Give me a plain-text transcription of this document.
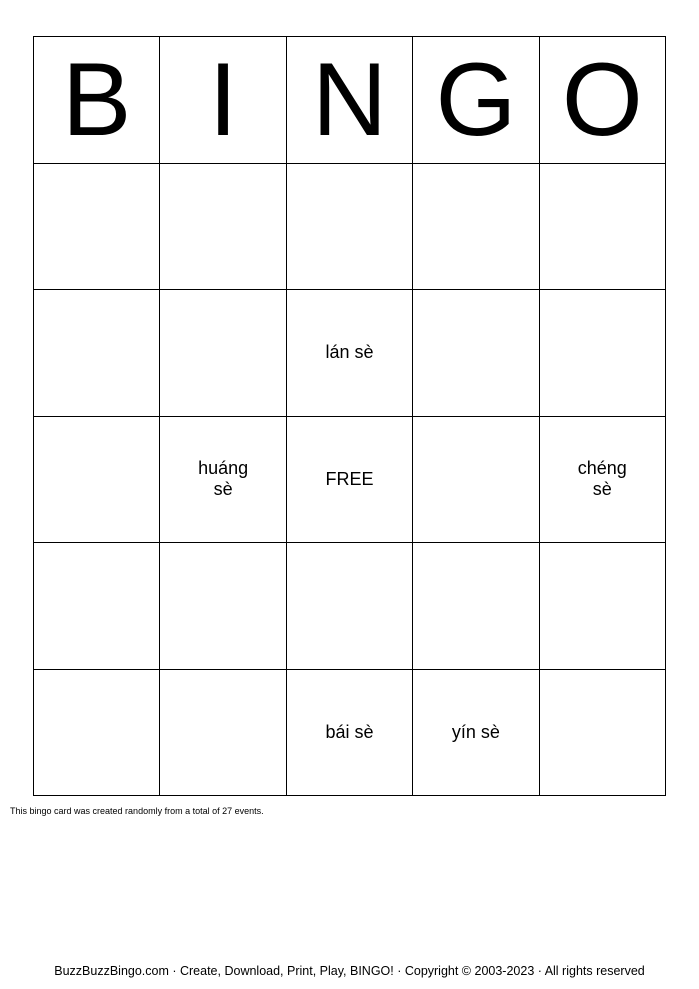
B I N G O
lán sè
huáng
sè
FREE
chéng
sè
bái sè	yín sè
This bingo card was created randomly from a total of 27 events.
BuzzBuzzBingo.com · Create, Download, Print, Play, BINGO! · Copyright © 2003-2023 · All rights reserved
